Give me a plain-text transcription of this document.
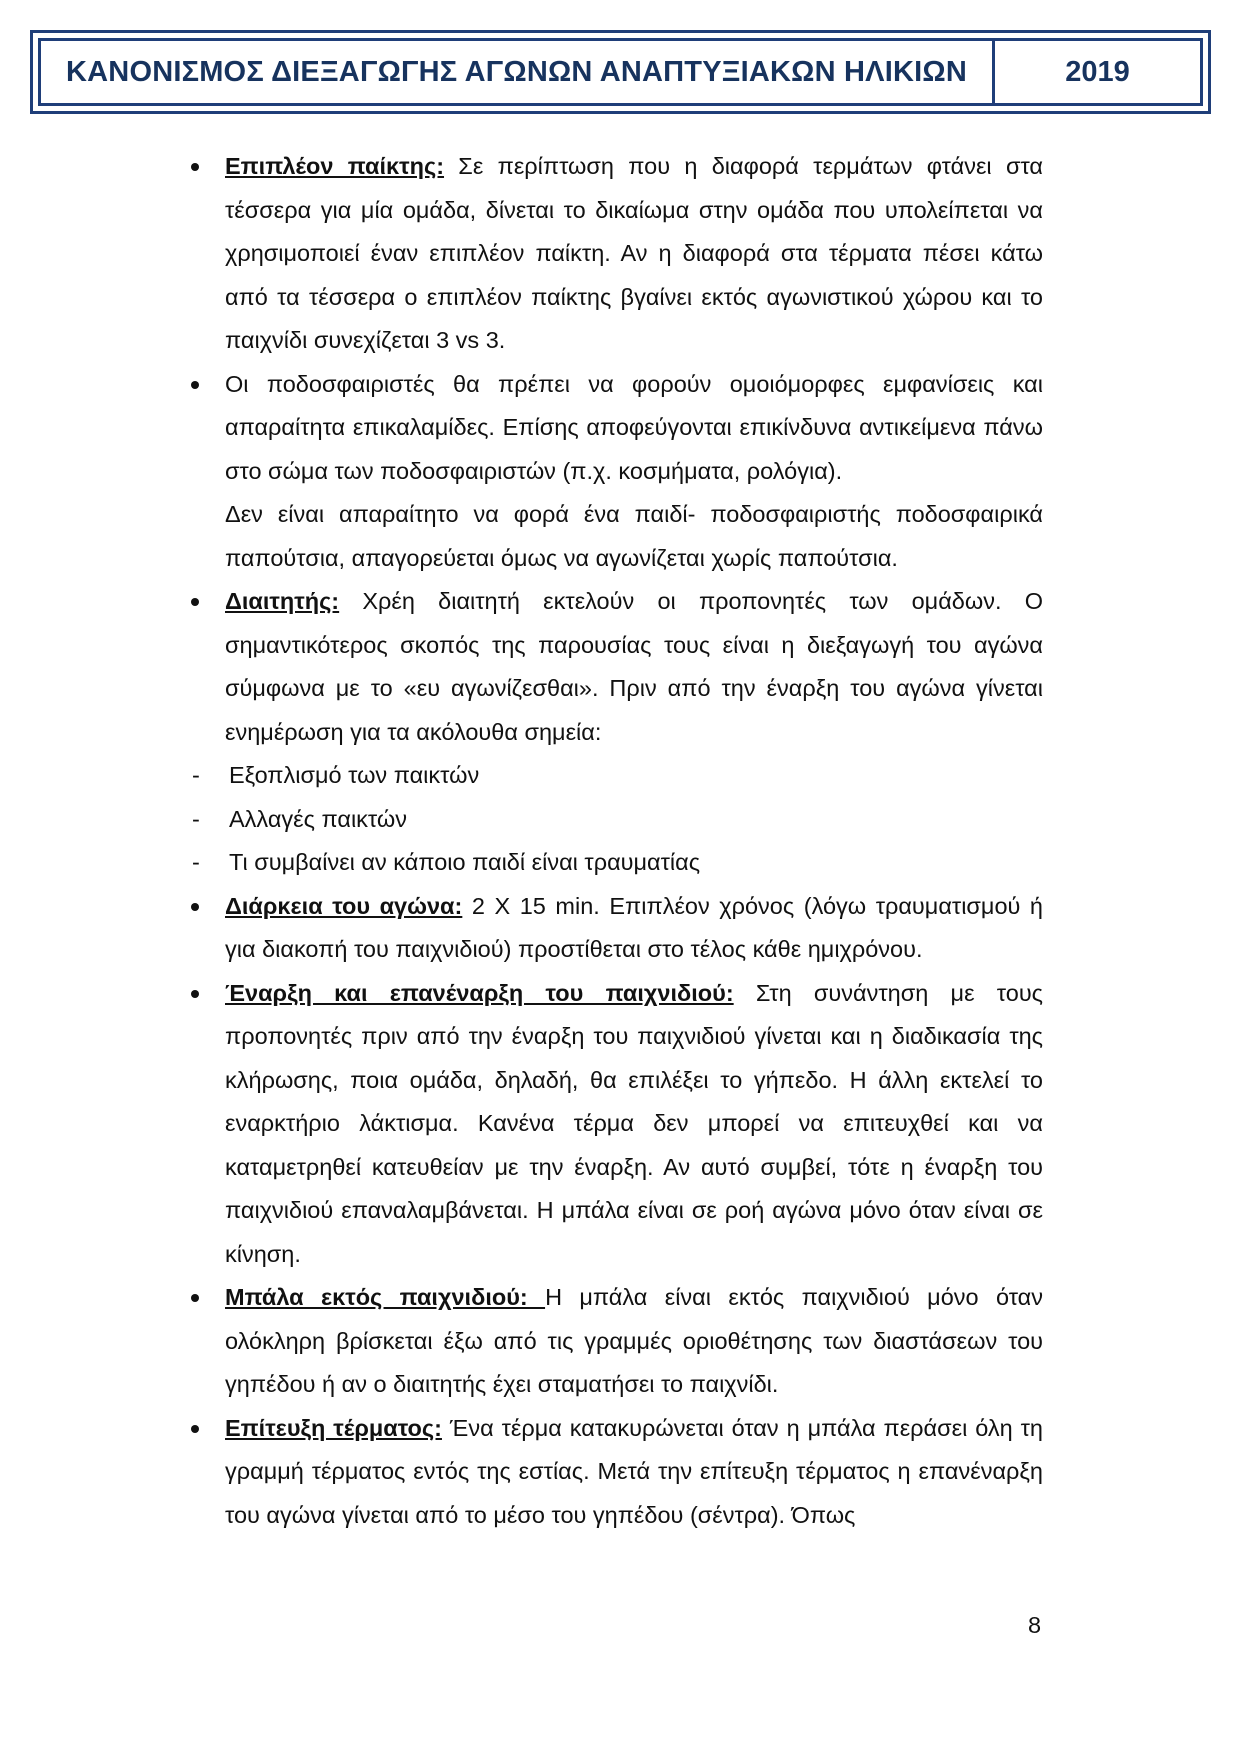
ΚΑΝΟΝΙΣΜΟΣ ΔΙΕΞΑΓΩΓΗΣ ΑΓΩΝΩΝ ΑΝΑΠΤΥΞΙΑΚΩΝ ΗΛΙΚΙΩΝ	2019
Επιπλέον παίκτης: Σε περίπτωση που η διαφορά τερμάτων φτάνει στα τέσσερα για μία ομάδα, δίνεται το δικαίωμα στην ομάδα που υπολείπεται να χρησιμοποιεί έναν επιπλέον παίκτη. Αν η διαφορά στα τέρματα πέσει κάτω από τα τέσσερα ο επιπλέον παίκτης βγαίνει εκτός αγωνιστικού χώρου και το παιχνίδι συνεχίζεται 3 vs 3.
Οι ποδοσφαιριστές θα πρέπει να φορούν ομοιόμορφες εμφανίσεις και απαραίτητα επικαλαμίδες. Επίσης αποφεύγονται επικίνδυνα αντικείμενα πάνω στο σώμα των ποδοσφαιριστών (π.χ. κοσμήματα, ρολόγια).
Δεν είναι απαραίτητο να φορά ένα παιδί- ποδοσφαιριστής ποδοσφαιρικά παπούτσια, απαγορεύεται όμως να αγωνίζεται χωρίς παπούτσια.
Διαιτητής: Χρέη διαιτητή εκτελούν οι προπονητές των ομάδων. Ο σημαντικότερος σκοπός της παρουσίας τους είναι η διεξαγωγή του αγώνα σύμφωνα με το «ευ αγωνίζεσθαι». Πριν από την έναρξη του αγώνα γίνεται ενημέρωση για τα ακόλουθα σημεία:
- Εξοπλισμό των παικτών
- Αλλαγές παικτών
- Τι συμβαίνει αν κάποιο παιδί είναι τραυματίας
Διάρκεια του αγώνα: 2 X 15 min. Επιπλέον χρόνος (λόγω τραυματισμού ή για διακοπή του παιχνιδιού) προστίθεται στο τέλος κάθε ημιχρόνου.
Έναρξη και επανέναρξη του παιχνιδιού: Στη συνάντηση με τους προπονητές πριν από την έναρξη του παιχνιδιού γίνεται και η διαδικασία της κλήρωσης, ποια ομάδα, δηλαδή, θα επιλέξει το γήπεδο. Η άλλη εκτελεί το εναρκτήριο λάκτισμα. Κανένα τέρμα δεν μπορεί να επιτευχθεί και να καταμετρηθεί κατευθείαν με την έναρξη. Αν αυτό συμβεί, τότε η έναρξη του παιχνιδιού επαναλαμβάνεται. Η μπάλα είναι σε ροή αγώνα μόνο όταν είναι σε κίνηση.
Μπάλα εκτός παιχνιδιού: Η μπάλα είναι εκτός παιχνιδιού μόνο όταν ολόκληρη βρίσκεται έξω από τις γραμμές οριοθέτησης των διαστάσεων του γηπέδου ή αν ο διαιτητής έχει σταματήσει το παιχνίδι.
Επίτευξη τέρματος: Ένα τέρμα κατακυρώνεται όταν η μπάλα περάσει όλη τη γραμμή τέρματος εντός της εστίας. Μετά την επίτευξη τέρματος η επανέναρξη του αγώνα γίνεται από το μέσο του γηπέδου (σέντρα). Όπως
8
